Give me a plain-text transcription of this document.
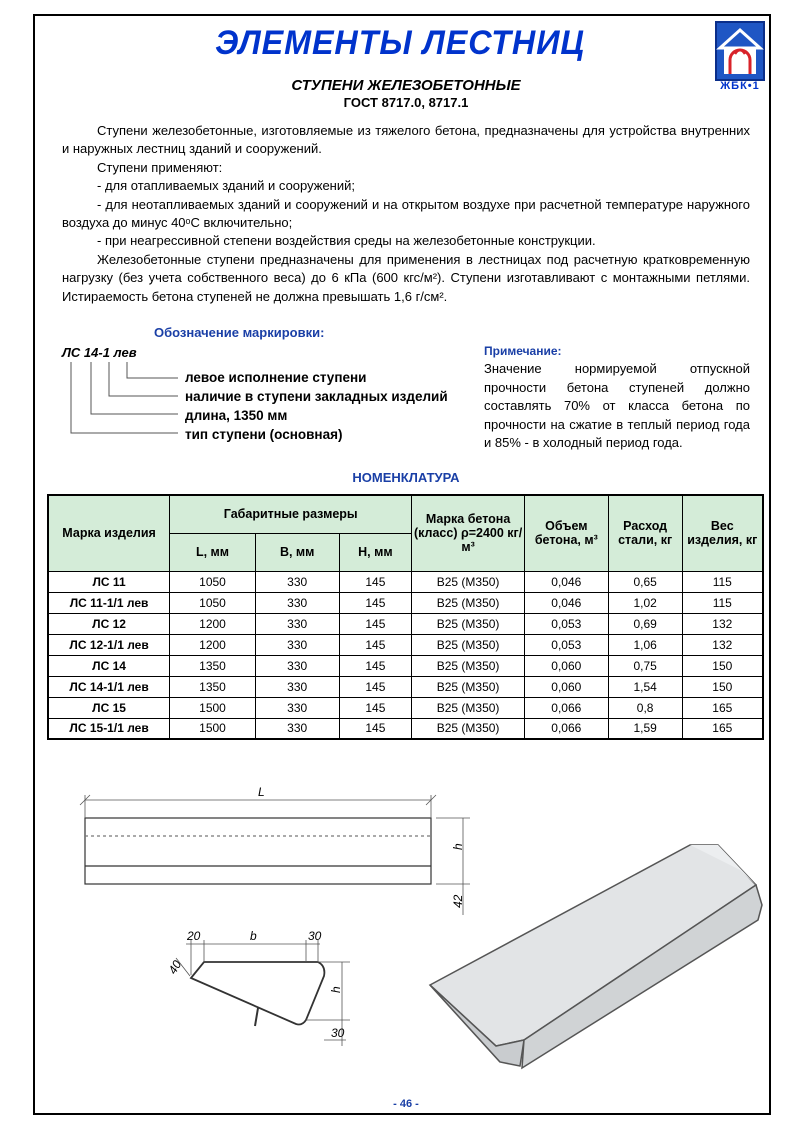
ЭЛЕМЕНТЫ ЛЕСТНИЦ
ЖБК•1
СТУПЕНИ ЖЕЛЕЗОБЕТОННЫЕ
ГОСТ 8717.0, 8717.1

Ступени железобетонные, изготовляемые из тяжелого бетона, предназначены для устройства внутренних и наружных лестниц зданий и сооружений.

Ступени применяют:

- для отапливаемых зданий и сооружений;

- для неотапливаемых зданий и сооружений и на открытом воздухе при расчетной температуре наружного воздуха до минус 40ᵒС включительно;

- при неагрессивной степени воздействия среды на железобетонные конструкции.

Железобетонные ступени предназначены для применения в лестницах под расчетную кратковременную нагрузку (без учета собственного веса) до 6 кПа (600 кгс/м²). Ступени изготавливают с монтажными петлями. Истираемость бетона ступеней не должна превышать 1,6 г/см².

Обозначение маркировки:
ЛС 14-1 лев
левое исполнение ступени
наличие в ступени закладных изделий
длина, 1350 мм
тип ступени (основная)
Примечание:
Значение нормируемой отпускной прочности бетона ступеней должно составлять 70% от класса бетона по прочности на сжатие в теплый период года и 85% - в холодный период года.
НОМЕНКЛАТУРА
Марка изделия	Габаритные размеры			Марка бетона (класс) ρ=2400 кг/м³	Объем бетона, м³	Расход стали, кг	Вес изделия, кг
	L, мм	B, мм	H, мм				
ЛС 11	1050	330	145	B25 (M350)	0,046	0,65	115
ЛС 11-1/1 лев	1050	330	145	B25 (M350)	0,046	1,02	115
ЛС 12	1200	330	145	B25 (M350)	0,053	0,69	132
ЛС 12-1/1 лев	1200	330	145	B25 (M350)	0,053	1,06	132
ЛС 14	1350	330	145	B25 (M350)	0,060	0,75	150
ЛС 14-1/1 лев	1350	330	145	B25 (M350)	0,060	1,54	150
ЛС 15	1500	330	145	B25 (M350)	0,066	0,8	165
ЛС 15-1/1 лев	1500	330	145	B25 (M350)	0,066	1,59	165
L
h
42
20	b	30
40
h
30
- 46 -
